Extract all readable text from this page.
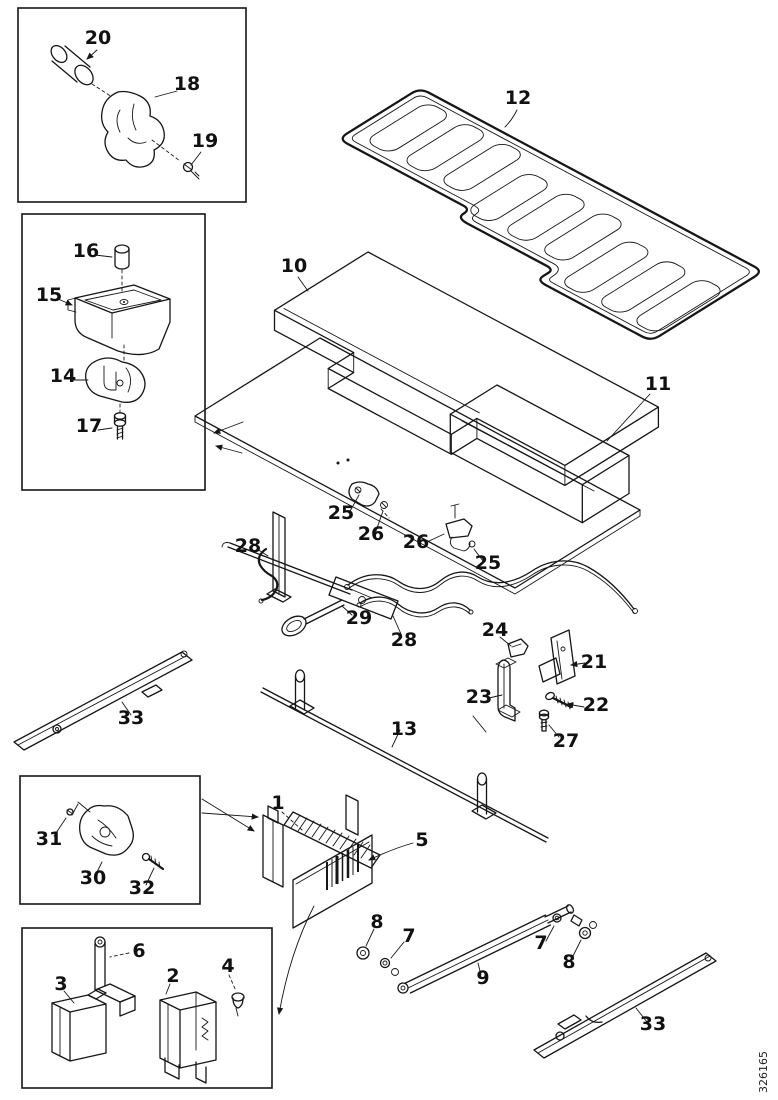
20
18
19
16
15
14
17
12
10
11
25
26 26
25
28
29
28	24
21
23	22
27
33	13
1
5
31
30 32
6
3	2 4
8
7
9
7
8
33
326165
